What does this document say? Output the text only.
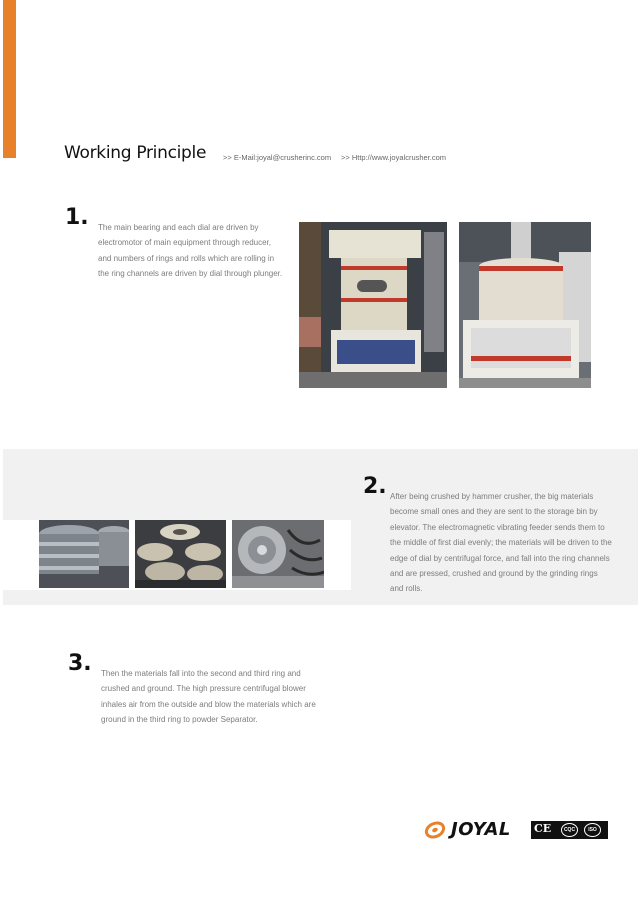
Working Principle >> E-Mail:joyal@crusherinc.com >> Http://www.joyalcrusher.com
1. The main bearing and each dial are driven by electromotor of main equipment through reducer, and numbers of rings and rolls which are rolling in the ring channels are driven by dial through plunger.
2. After being crushed by hammer crusher, the big materials become small ones and they are sent to the storage bin by elevator. The electromagnetic vibrating feeder sends them to the middle of first dial evenly; the materials will be driven to the edge of dial by centrifugal force, and fall into the ring channels and are pressed, crushed and ground by the grinding rings and rolls.
3. Then the materials fall into the second and third ring and crushed and ground. The high pressure centrifugal blower inhales air from the outside and blow the materials which are ground in the third ring to powder Separator.
JOYAL CE	CQC	ISO
